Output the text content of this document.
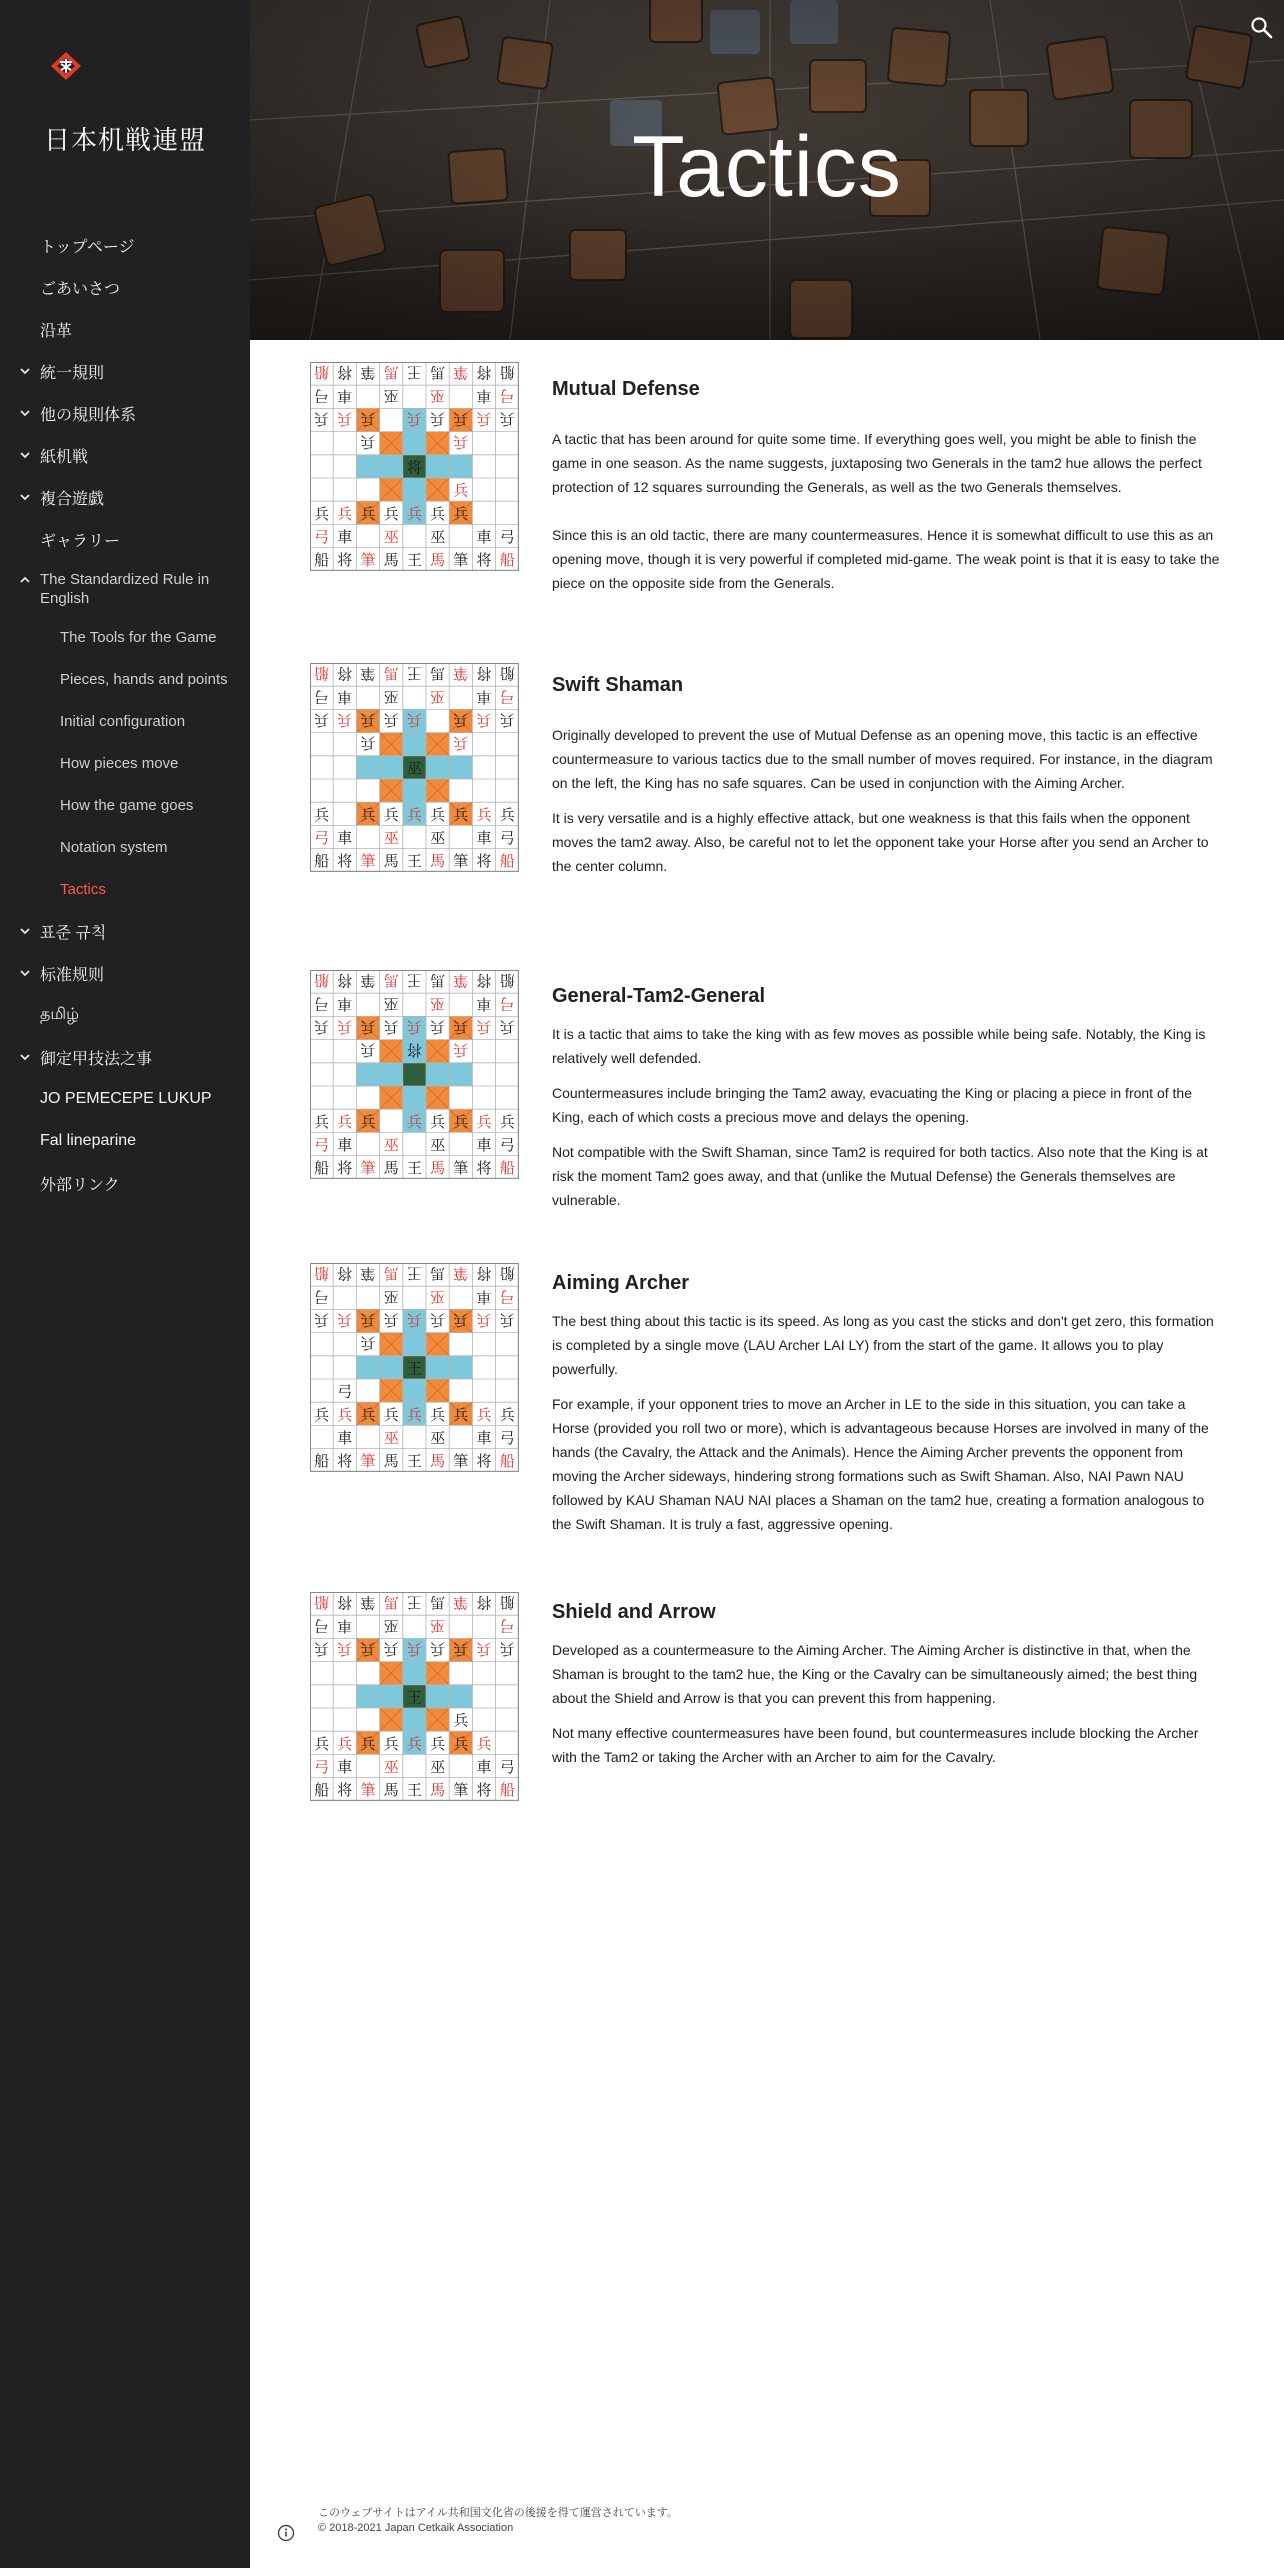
日本机戦連盟
トップページ
ごあいさつ
沿革
統一規則
他の規則体系
紙机戦
複合遊戯
ギャラリー
The Standardized Rule in English
The Tools for the Game
Pieces, hands and points
Initial configuration
How pieces move
How the game goes
Notation system
Tactics
표준 규칙
标准规则
தமிழ்
御定甲技法之事
JO PEMECEPE LUKUP
Fal lineparine
外部リンク
Tactics
船 将 筆 馬 王 馬 筆 将 船
弓 車 巫 巫 車 弓
兵 兵 兵 兵 兵 兵 兵 兵
兵 兵 兵 兵 兵 兵 兵
弓 車 巫 巫 車 弓
船 将 筆 馬 王 馬 筆 将 船
兵	兵
将
兵
Mutual Defense

A tactic that has been around for quite some time. If everything goes well, you might be able to finish the game in one season. As the name suggests, juxtaposing two Generals in the tam2 hue allows the perfect protection of 12 squares surrounding the Generals, as well as the two Generals themselves.

Since this is an old tactic, there are many countermeasures. Hence it is somewhat difficult to use this as an opening move, though it is very powerful if completed mid-game. The weak point is that it is easy to take the piece on the opposite side from the Generals.

船 将 筆 馬 王 馬 筆 将 船
弓 車 巫 巫 車 弓
兵 兵 兵 兵 兵 兵 兵 兵
兵 兵 兵 兵 兵 兵 兵 兵
弓 車 巫 巫 車 弓
船 将 筆 馬 王 馬 筆 将 船
兵	兵
巫
Swift Shaman

Originally developed to prevent the use of Mutual Defense as an opening move, this tactic is an effective countermeasure to various tactics due to the small number of moves required. For instance, in the diagram on the left, the King has no safe squares. Can be used in conjunction with the Aiming Archer.

It is very versatile and is a highly effective attack, but one weakness is that this fails when the opponent moves the tam2 away. Also, be careful not to let the opponent take your Horse after you send an Archer to the center column.

船 将 筆 馬 王 馬 筆 将 船
弓 車 巫 巫 車 弓
兵 兵 兵 兵 兵 兵 兵 兵 兵
兵 兵 兵 兵 兵 兵 兵 兵
弓 車 巫 巫 車 弓
船 将 筆 馬 王 馬 筆 将 船
兵	兵
将
General-Tam2-General

It is a tactic that aims to take the king with as few moves as possible while being safe. Notably, the King is relatively well defended.

Countermeasures include bringing the Tam2 away, evacuating the King or placing a piece in front of the King, each of which costs a precious move and delays the opening.

Not compatible with the Swift Shaman, since Tam2 is required for both tactics. Also note that the King is at risk the moment Tam2 goes away, and that (unlike the Mutual Defense) the Generals themselves are vulnerable.

船 将 筆 馬 王 馬 筆 将 船
弓	巫 巫 車 弓
兵 兵 兵 兵 兵 兵 兵 兵 兵
兵 兵 兵 兵 兵 兵 兵 兵 兵
車 巫 巫 車 弓
船 将 筆 馬 王 馬 筆 将 船
兵
王
弓
Aiming Archer

The best thing about this tactic is its speed. As long as you cast the sticks and don't get zero, this formation is completed by a single move (LAU Archer LAI LY) from the start of the game. It allows you to play powerfully.

For example, if your opponent tries to move an Archer in LE to the side in this situation, you can take a Horse (provided you roll two or more), which is advantageous because Horses are involved in many of the hands (the Cavalry, the Attack and the Animals). Hence the Aiming Archer prevents the opponent from moving the Archer sideways, hindering strong formations such as Swift Shaman. Also, NAI Pawn NAU followed by KAU Shaman NAU NAI places a Shaman on the tam2 hue, creating a formation analogous to the Swift Shaman. It is truly a fast, aggressive opening.

船 将 筆 馬 王 馬 筆 将 船
弓 車 巫 巫	弓
兵 兵 兵 兵 兵 兵 兵 兵 兵
兵 兵 兵 兵 兵 兵 兵 兵
弓 車 巫 巫 車 弓
船 将 筆 馬 王 馬 筆 将 船
王
兵
Shield and Arrow

Developed as a countermeasure to the Aiming Archer. The Aiming Archer is distinctive in that, when the Shaman is brought to the tam2 hue, the King or the Cavalry can be simultaneously aimed; the best thing about the Shield and Arrow is that you can prevent this from happening.

Not many effective countermeasures have been found, but countermeasures include blocking the Archer with the Tam2 or taking the Archer with an Archer to aim for the Cavalry.

このウェブサイトはアイル共和国文化省の後援を得て運営されています。
© 2018-2021 Japan Cetkaik Association
